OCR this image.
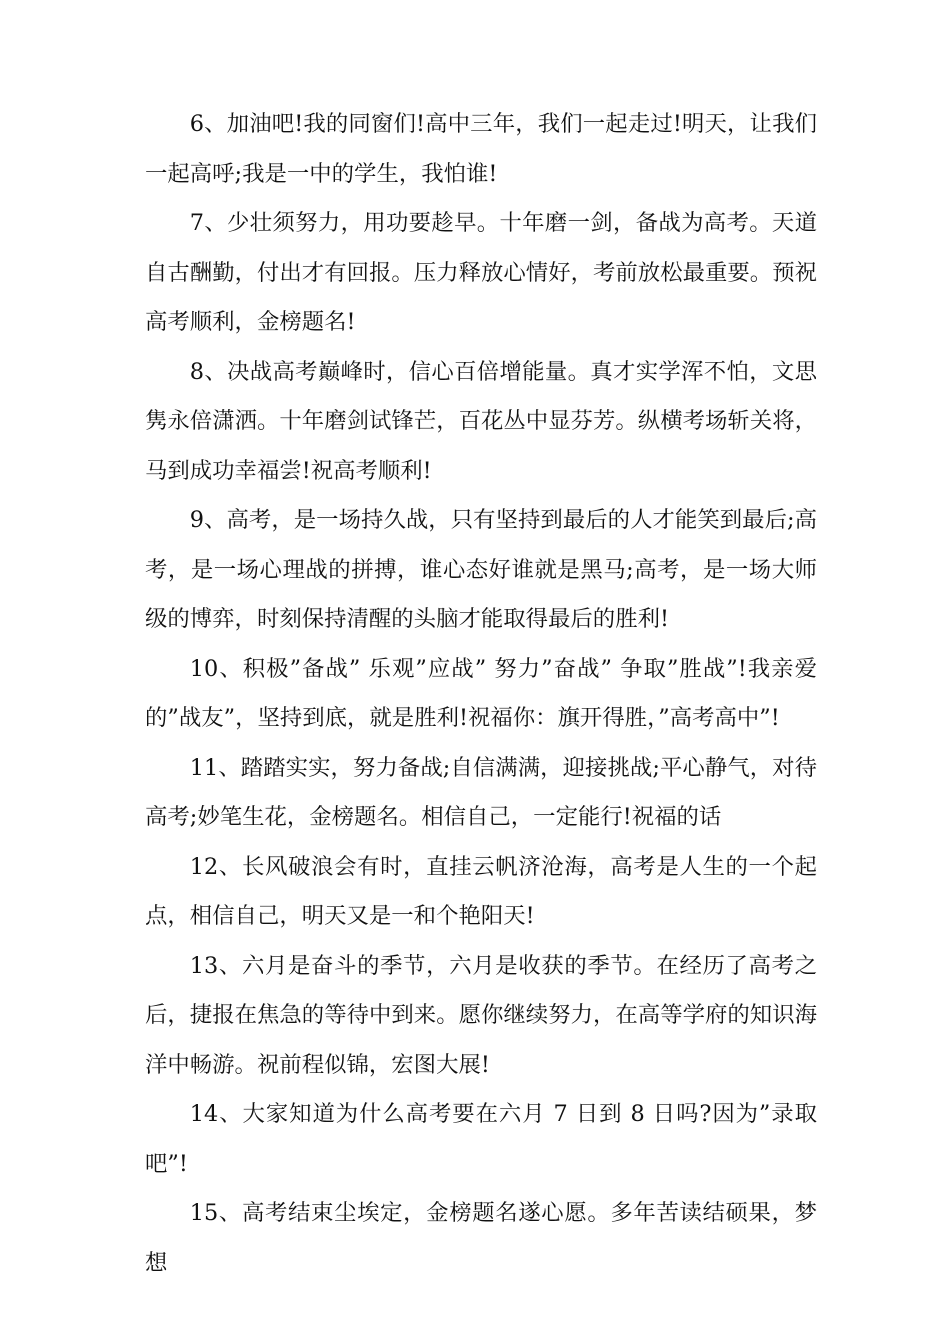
6、加油吧!我的同窗们!高中三年，我们一起走过!明天，让我们一起高呼;我是一中的学生，我怕谁!

7、少壮须努力，用功要趁早。十年磨一剑，备战为高考。天道自古酬勤，付出才有回报。压力释放心情好，考前放松最重要。预祝高考顺利，金榜题名!

8、决战高考巅峰时，信心百倍增能量。真才实学浑不怕，文思隽永倍潇洒。十年磨剑试锋芒，百花丛中显芬芳。纵横考场斩关将，马到成功幸福尝!祝高考顺利!

9、高考，是一场持久战，只有坚持到最后的人才能笑到最后;高考，是一场心理战的拼搏，谁心态好谁就是黑马;高考，是一场大师级的博弈，时刻保持清醒的头脑才能取得最后的胜利!

10、积极”备战” 乐观”应战” 努力”奋战” 争取”胜战”!我亲爱的”战友”，坚持到底，就是胜利!祝福你：旗开得胜，”高考高中”!

11、踏踏实实，努力备战;自信满满，迎接挑战;平心静气，对待高考;妙笔生花，金榜题名。相信自己，一定能行!祝福的话

12、长风破浪会有时，直挂云帆济沧海，高考是人生的一个起点，相信自己，明天又是一和个艳阳天!

13、六月是奋斗的季节，六月是收获的季节。在经历了高考之后，捷报在焦急的等待中到来。愿你继续努力，在高等学府的知识海洋中畅游。祝前程似锦，宏图大展!

14、大家知道为什么高考要在六月 7 日到 8 日吗?因为”录取吧”!

15、高考结束尘埃定，金榜题名遂心愿。多年苦读结硕果，梦想
